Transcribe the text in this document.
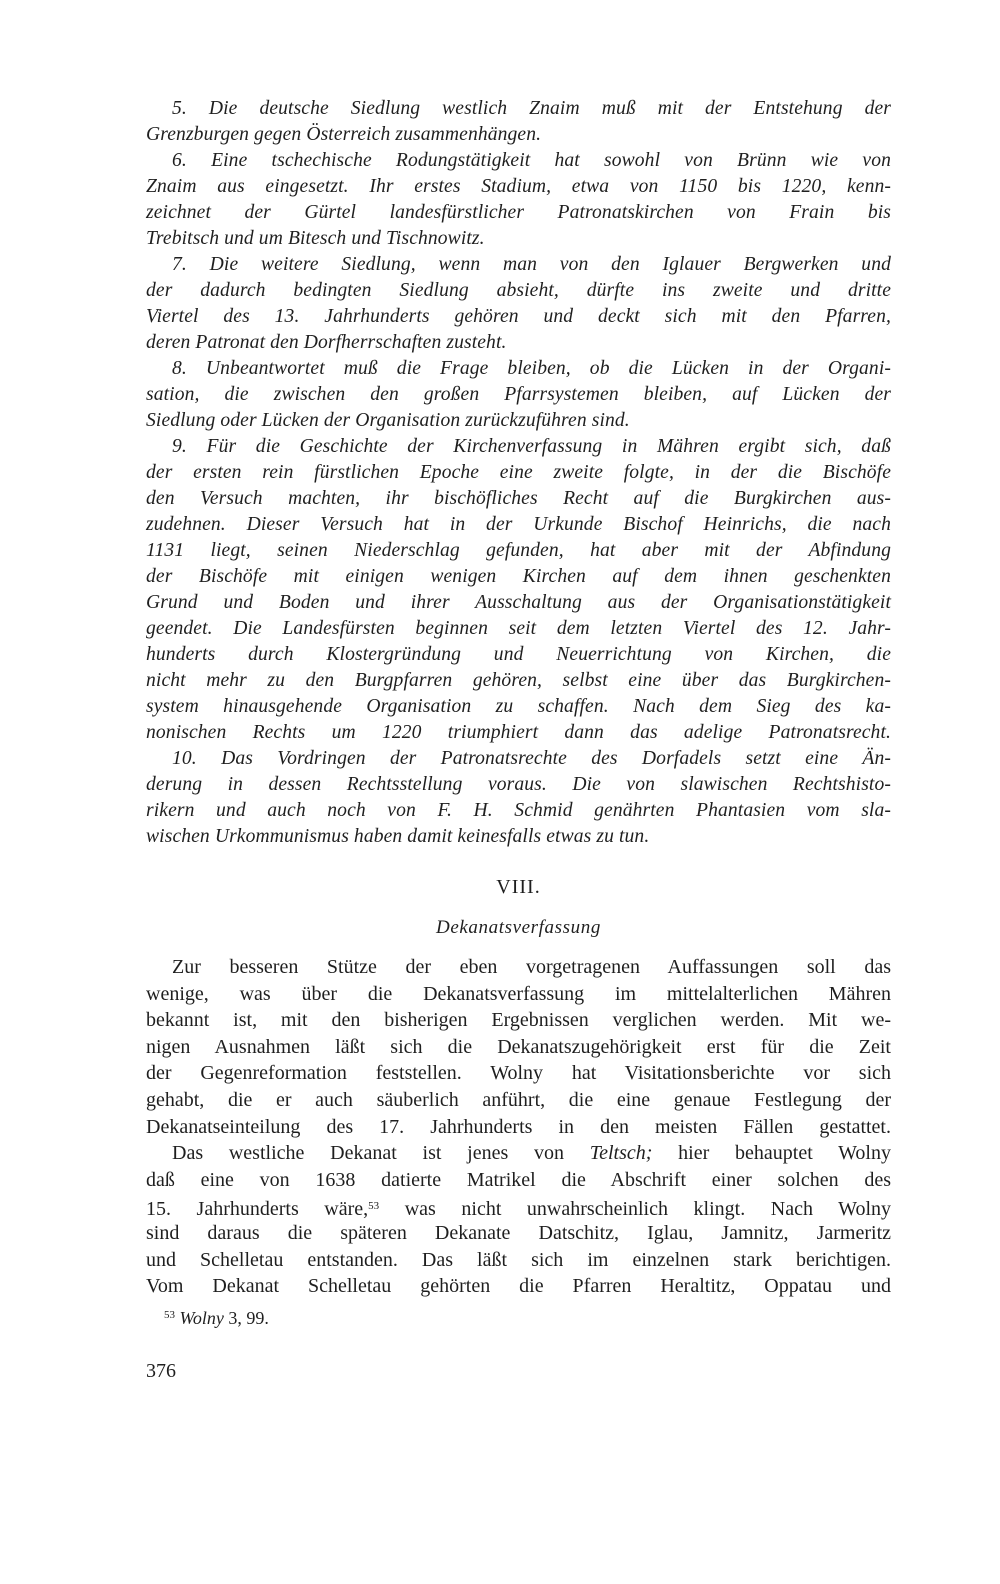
5. Die deutsche Siedlung westlich Znaim muß mit der Entstehung der
Grenzburgen gegen Österreich zusammenhängen.
6. Eine tschechische Rodungstätigkeit hat sowohl von Brünn wie von
Znaim aus eingesetzt. Ihr erstes Stadium, etwa von 1150 bis 1220, kenn-
zeichnet der Gürtel landesfürstlicher Patronatskirchen von Frain bis
Trebitsch und um Bitesch und Tischnowitz.
7. Die weitere Siedlung, wenn man von den Iglauer Bergwerken und
der dadurch bedingten Siedlung absieht, dürfte ins zweite und dritte
Viertel des 13. Jahrhunderts gehören und deckt sich mit den Pfarren,
deren Patronat den Dorfherrschaften zusteht.
8. Unbeantwortet muß die Frage bleiben, ob die Lücken in der Organi-
sation, die zwischen den großen Pfarrsystemen bleiben, auf Lücken der
Siedlung oder Lücken der Organisation zurückzuführen sind.
9. Für die Geschichte der Kirchenverfassung in Mähren ergibt sich, daß
der ersten rein fürstlichen Epoche eine zweite folgte, in der die Bischöfe
den Versuch machten, ihr bischöfliches Recht auf die Burgkirchen aus-
zudehnen. Dieser Versuch hat in der Urkunde Bischof Heinrichs, die nach
1131 liegt, seinen Niederschlag gefunden, hat aber mit der Abfindung
der Bischöfe mit einigen wenigen Kirchen auf dem ihnen geschenkten
Grund und Boden und ihrer Ausschaltung aus der Organisationstätigkeit
geendet. Die Landesfürsten beginnen seit dem letzten Viertel des 12. Jahr-
hunderts durch Klostergründung und Neuerrichtung von Kirchen, die
nicht mehr zu den Burgpfarren gehören, selbst eine über das Burgkirchen-
system hinausgehende Organisation zu schaffen. Nach dem Sieg des ka-
nonischen Rechts um 1220 triumphiert dann das adelige Patronatsrecht.
10. Das Vordringen der Patronatsrechte des Dorfadels setzt eine Än-
derung in dessen Rechtsstellung voraus. Die von slawischen Rechtshisto-
rikern und auch noch von F. H. Schmid genährten Phantasien vom sla-
wischen Urkommunismus haben damit keinesfalls etwas zu tun.
VIII.
Dekanatsverfassung
Zur besseren Stütze der eben vorgetragenen Auffassungen soll das
wenige, was über die Dekanatsverfassung im mittelalterlichen Mähren
bekannt ist, mit den bisherigen Ergebnissen verglichen werden. Mit we-
nigen Ausnahmen läßt sich die Dekanatszugehörigkeit erst für die Zeit
der Gegenreformation feststellen. Wolny hat Visitationsberichte vor sich
gehabt, die er auch säuberlich anführt, die eine genaue Festlegung der
Dekanatseinteilung des 17. Jahrhunderts in den meisten Fällen gestattet.
Das westliche Dekanat ist jenes von Teltsch; hier behauptet Wolny
daß eine von 1638 datierte Matrikel die Abschrift einer solchen des
15. Jahrhunderts wäre,$^{53}$ was nicht unwahrscheinlich klingt. Nach Wolny
sind daraus die späteren Dekanate Datschitz, Iglau, Jamnitz, Jarmeritz
und Schelletau entstanden. Das läßt sich im einzelnen stark berichtigen.
Vom Dekanat Schelletau gehörten die Pfarren Heraltitz, Oppatau und
$^{53}$ Wolny 3, 99.
376
